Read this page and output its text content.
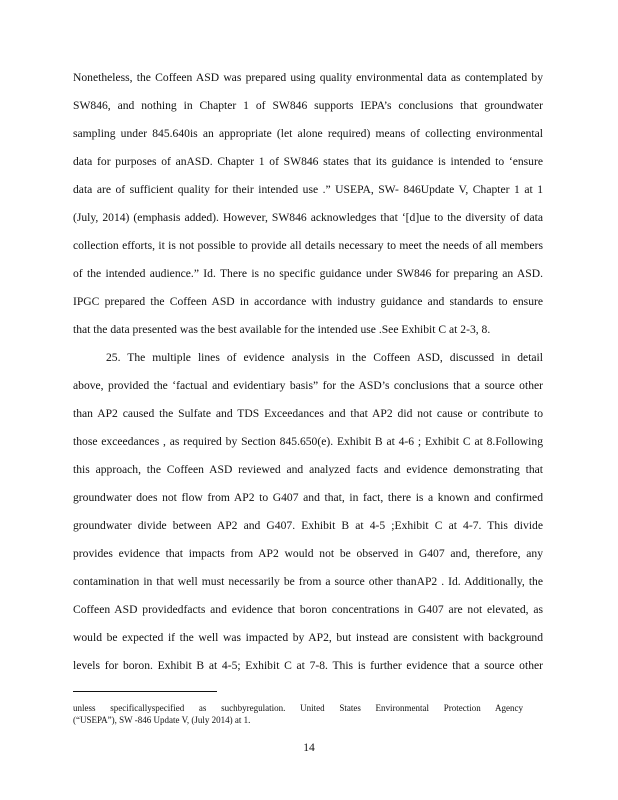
Nonetheless, the Coffeen ASD was prepared using quality environmental data as contemplated by
SW846, and nothing in Chapter 1 of SW846 supports IEPA’s conclusions that groundwater
sampling under 845.640is an appropriate (let alone required) means of collecting environmental
data for purposes of anASD. Chapter 1 of SW846 states that its guidance is intended to ‘ensure
data are of sufficient quality for their intended use .” USEPA, SW- 846Update V, Chapter 1 at 1
(July, 2014) (emphasis added). However, SW846 acknowledges that ‘[d]ue to the diversity of data
collection efforts, it is not possible to provide all details necessary to meet the needs of all members
of the intended audience.” Id. There is no specific guidance under SW846 for preparing an ASD.
IPGC prepared the Coffeen ASD in accordance with industry guidance and standards to ensure
that the data presented was the best available for the intended use .See Exhibit C at 2-3, 8.
25. The multiple lines of evidence analysis in the Coffeen ASD, discussed in detail
above, provided the ‘factual and evidentiary basis” for the ASD’s conclusions that a source other
than AP2 caused the Sulfate and TDS Exceedances and that AP2 did not cause or contribute to
those exceedances , as required by Section 845.650(e). Exhibit B at 4-6 ; Exhibit C at 8.Following
this approach, the Coffeen ASD reviewed and analyzed facts and evidence demonstrating that
groundwater does not flow from AP2 to G407 and that, in fact, there is a known and confirmed
groundwater divide between AP2 and G407. Exhibit B at 4-5 ;Exhibit C at 4-7. This divide
provides evidence that impacts from AP2 would not be observed in G407 and, therefore, any
contamination in that well must necessarily be from a source other thanAP2 . Id. Additionally, the
Coffeen ASD providedfacts and evidence that boron concentrations in G407 are not elevated, as
would be expected if the well was impacted by AP2, but instead are consistent with background
levels for boron. Exhibit B at 4-5; Exhibit C at 7-8. This is further evidence that a source other
unless specificallyspecified as suchbyregulation. United States Environmental Protection Agency
(“USEPA”), SW -846 Update V, (July 2014) at 1.
14
